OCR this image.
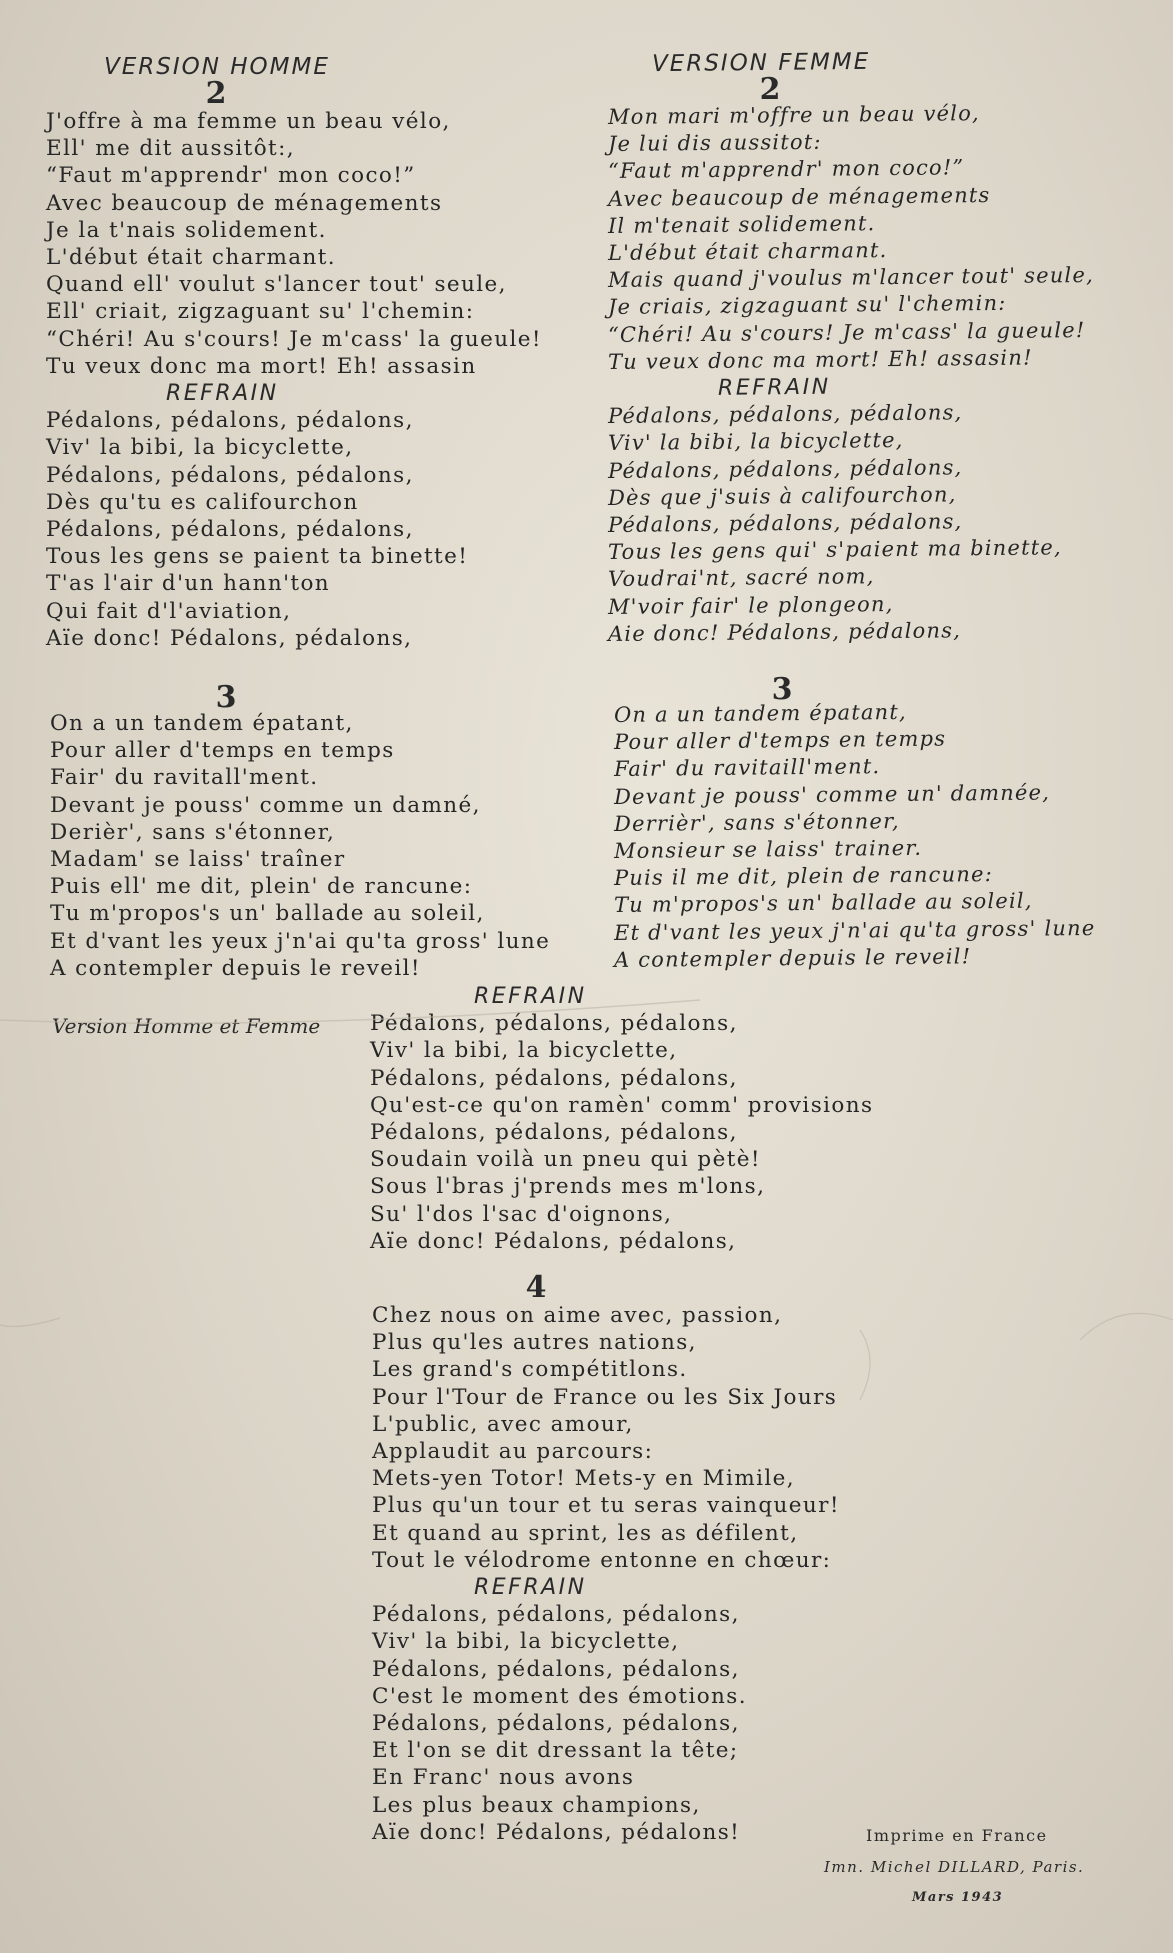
VERSION HOMME	VERSION FEMME
2	2
J'offre à ma femme un beau vélo,
Ell' me dit aussitôt:,
“Faut m'apprendr' mon coco!”
Avec beaucoup de ménagements
Je la t'nais solidement.
L'début était charmant.
Quand ell' voulut s'lancer tout' seule,
Ell' criait, zigzaguant su' l'chemin:
“Chéri! Au s'cours! Je m'cass' la gueule!
Tu veux donc ma mort! Eh! assasin
REFRAIN
Pédalons, pédalons, pédalons,
Viv' la bibi, la bicyclette,
Pédalons, pédalons, pédalons,
Dès qu'tu es califourchon
Pédalons, pédalons, pédalons,
Tous les gens se paient ta binette!
T'as l'air d'un hann'ton
Qui fait d'l'aviation,
Aïe donc! Pédalons, pédalons,
Mon mari m'offre un beau vélo,
Je lui dis aussitot:
“Faut m'apprendr' mon coco!”
Avec beaucoup de ménagements
Il m'tenait solidement.
L'début était charmant.
Mais quand j'voulus m'lancer tout' seule,
Je criais, zigzaguant su' l'chemin:
“Chéri! Au s'cours! Je m'cass' la gueule!
Tu veux donc ma mort! Eh! assasin!
REFRAIN
Pédalons, pédalons, pédalons,
Viv' la bibi, la bicyclette,
Pédalons, pédalons, pédalons,
Dès que j'suis à califourchon,
Pédalons, pédalons, pédalons,
Tous les gens qui' s'paient ma binette,
Voudrai'nt, sacré nom,
M'voir fair' le plongeon,
Aie donc! Pédalons, pédalons,
3	3
On a un tandem épatant,
Pour aller d'temps en temps
Fair' du ravitall'ment.
Devant je pouss' comme un damné,
Derièr', sans s'étonner,
Madam' se laiss' traîner
Puis ell' me dit, plein' de rancune:
Tu m'propos's un' ballade au soleil,
Et d'vant les yeux j'n'ai qu'ta gross' lune
A contempler depuis le reveil!
On a un tandem épatant,
Pour aller d'temps en temps
Fair' du ravitaill'ment.
Devant je pouss' comme un' damnée,
Derrièr', sans s'étonner,
Monsieur se laiss' trainer.
Puis il me dit, plein de rancune:
Tu m'propos's un' ballade au soleil,
Et d'vant les yeux j'n'ai qu'ta gross' lune
A contempler depuis le reveil!
Version Homme et Femme
REFRAIN
Pédalons, pédalons, pédalons,
Viv' la bibi, la bicyclette,
Pédalons, pédalons, pédalons,
Qu'est-ce qu'on ramèn' comm' provisions
Pédalons, pédalons, pédalons,
Soudain voilà un pneu qui pètè!
Sous l'bras j'prends mes m'lons,
Su' l'dos l'sac d'oignons,
Aïe donc! Pédalons, pédalons,
4
Chez nous on aime avec, passion,
Plus qu'les autres nations,
Les grand's compétitlons.
Pour l'Tour de France ou les Six Jours
L'public, avec amour,
Applaudit au parcours:
Mets-yen Totor! Mets-y en Mimile,
Plus qu'un tour et tu seras vainqueur!
Et quand au sprint, les as défilent,
Tout le vélodrome entonne en chœur:
REFRAIN
Pédalons, pédalons, pédalons,
Viv' la bibi, la bicyclette,
Pédalons, pédalons, pédalons,
C'est le moment des émotions.
Pédalons, pédalons, pédalons,
Et l'on se dit dressant la tête;
En Franc' nous avons
Les plus beaux champions,
Aïe donc! Pédalons, pédalons!	Imprime en France
Imn. Michel DILLARD, Paris.
Mars 1943
